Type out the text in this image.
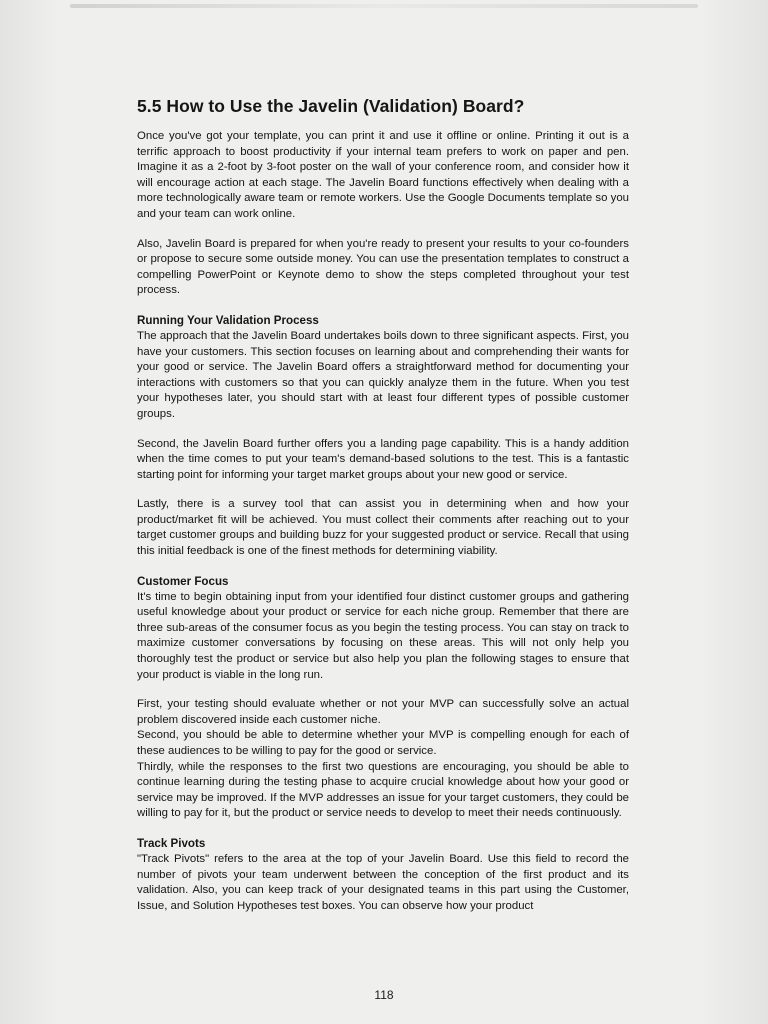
5.5 How to Use the Javelin (Validation) Board?

Once you've got your template, you can print it and use it offline or online. Printing it out is a terrific approach to boost productivity if your internal team prefers to work on paper and pen. Imagine it as a 2-foot by 3-foot poster on the wall of your conference room, and consider how it will encourage action at each stage. The Javelin Board functions effectively when dealing with a more technologically aware team or remote workers. Use the Google Documents template so you and your team can work online.

Also, Javelin Board is prepared for when you're ready to present your results to your co-founders or propose to secure some outside money. You can use the presentation templates to construct a compelling PowerPoint or Keynote demo to show the steps completed throughout your test process.

Running Your Validation Process

The approach that the Javelin Board undertakes boils down to three significant aspects. First, you have your customers. This section focuses on learning about and comprehending their wants for your good or service. The Javelin Board offers a straightforward method for documenting your interactions with customers so that you can quickly analyze them in the future. When you test your hypotheses later, you should start with at least four different types of possible customer groups.

Second, the Javelin Board further offers you a landing page capability. This is a handy addition when the time comes to put your team's demand-based solutions to the test. This is a fantastic starting point for informing your target market groups about your new good or service.

Lastly, there is a survey tool that can assist you in determining when and how your product/market fit will be achieved. You must collect their comments after reaching out to your target customer groups and building buzz for your suggested product or service. Recall that using this initial feedback is one of the finest methods for determining viability.

Customer Focus

It's time to begin obtaining input from your identified four distinct customer groups and gathering useful knowledge about your product or service for each niche group. Remember that there are three sub-areas of the consumer focus as you begin the testing process. You can stay on track to maximize customer conversations by focusing on these areas. This will not only help you thoroughly test the product or service but also help you plan the following stages to ensure that your product is viable in the long run.

First, your testing should evaluate whether or not your MVP can successfully solve an actual problem discovered inside each customer niche.

Second, you should be able to determine whether your MVP is compelling enough for each of these audiences to be willing to pay for the good or service.

Thirdly, while the responses to the first two questions are encouraging, you should be able to continue learning during the testing phase to acquire crucial knowledge about how your good or service may be improved. If the MVP addresses an issue for your target customers, they could be willing to pay for it, but the product or service needs to develop to meet their needs continuously.

Track Pivots

"Track Pivots" refers to the area at the top of your Javelin Board. Use this field to record the number of pivots your team underwent between the conception of the first product and its validation. Also, you can keep track of your designated teams in this part using the Customer, Issue, and Solution Hypotheses test boxes. You can observe how your product

118
